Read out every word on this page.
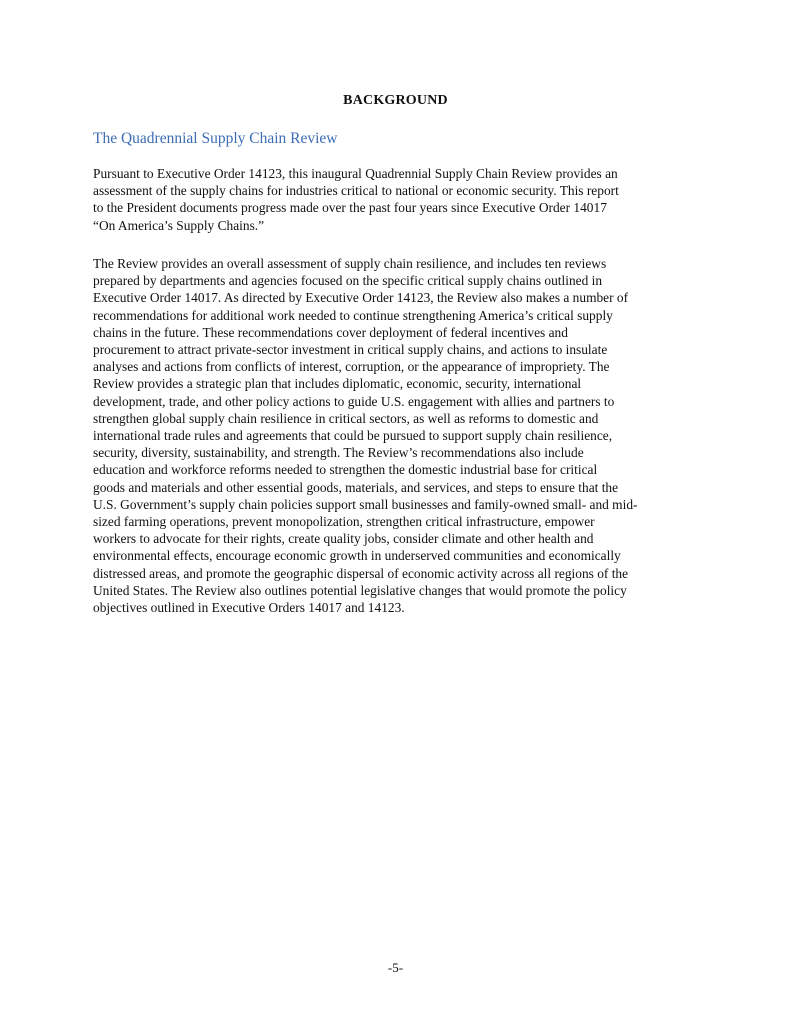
BACKGROUND
The Quadrennial Supply Chain Review

Pursuant to Executive Order 14123, this inaugural Quadrennial Supply Chain Review provides an
assessment of the supply chains for industries critical to national or economic security. This report
to the President documents progress made over the past four years since Executive Order 14017
“On America’s Supply Chains.”

The Review provides an overall assessment of supply chain resilience, and includes ten reviews
prepared by departments and agencies focused on the specific critical supply chains outlined in
Executive Order 14017. As directed by Executive Order 14123, the Review also makes a number of
recommendations for additional work needed to continue strengthening America’s critical supply
chains in the future. These recommendations cover deployment of federal incentives and
procurement to attract private-sector investment in critical supply chains, and actions to insulate
analyses and actions from conflicts of interest, corruption, or the appearance of impropriety. The
Review provides a strategic plan that includes diplomatic, economic, security, international
development, trade, and other policy actions to guide U.S. engagement with allies and partners to
strengthen global supply chain resilience in critical sectors, as well as reforms to domestic and
international trade rules and agreements that could be pursued to support supply chain resilience,
security, diversity, sustainability, and strength. The Review’s recommendations also include
education and workforce reforms needed to strengthen the domestic industrial base for critical
goods and materials and other essential goods, materials, and services, and steps to ensure that the
U.S. Government’s supply chain policies support small businesses and family-owned small- and mid-
sized farming operations, prevent monopolization, strengthen critical infrastructure, empower
workers to advocate for their rights, create quality jobs, consider climate and other health and
environmental effects, encourage economic growth in underserved communities and economically
distressed areas, and promote the geographic dispersal of economic activity across all regions of the
United States. The Review also outlines potential legislative changes that would promote the policy
objectives outlined in Executive Orders 14017 and 14123.

-5-
